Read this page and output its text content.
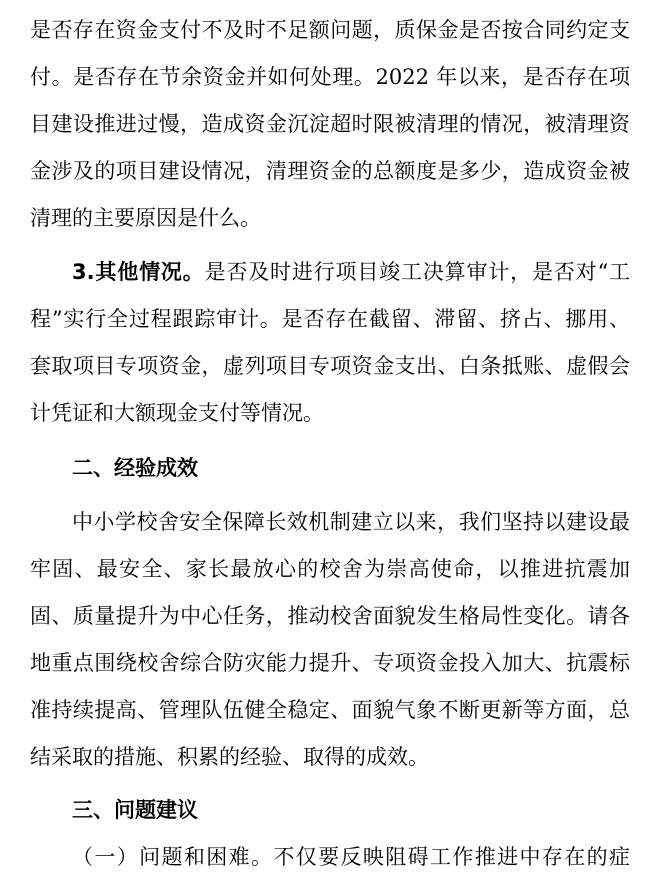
是否存在资金支付不及时不足额问题，质保金是否按合同约定支
付。是否存在节余资金并如何处理。2022 年以来，是否存在项
目建设推进过慢，造成资金沉淀超时限被清理的情况，被清理资
金涉及的项目建设情况，清理资金的总额度是多少，造成资金被
清理的主要原因是什么。
3.其他情况。是否及时进行项目竣工决算审计，是否对“工
程”实行全过程跟踪审计。是否存在截留、滞留、挤占、挪用、
套取项目专项资金，虚列项目专项资金支出、白条抵账、虚假会
计凭证和大额现金支付等情况。
二、经验成效
中小学校舍安全保障长效机制建立以来，我们坚持以建设最
牢固、最安全、家长最放心的校舍为崇高使命，以推进抗震加
固、质量提升为中心任务，推动校舍面貌发生格局性变化。请各
地重点围绕校舍综合防灾能力提升、专项资金投入加大、抗震标
准持续提高、管理队伍健全稳定、面貌气象不断更新等方面，总
结采取的措施、积累的经验、取得的成效。
三、问题建议
（一）问题和困难。不仅要反映阻碍工作推进中存在的症
